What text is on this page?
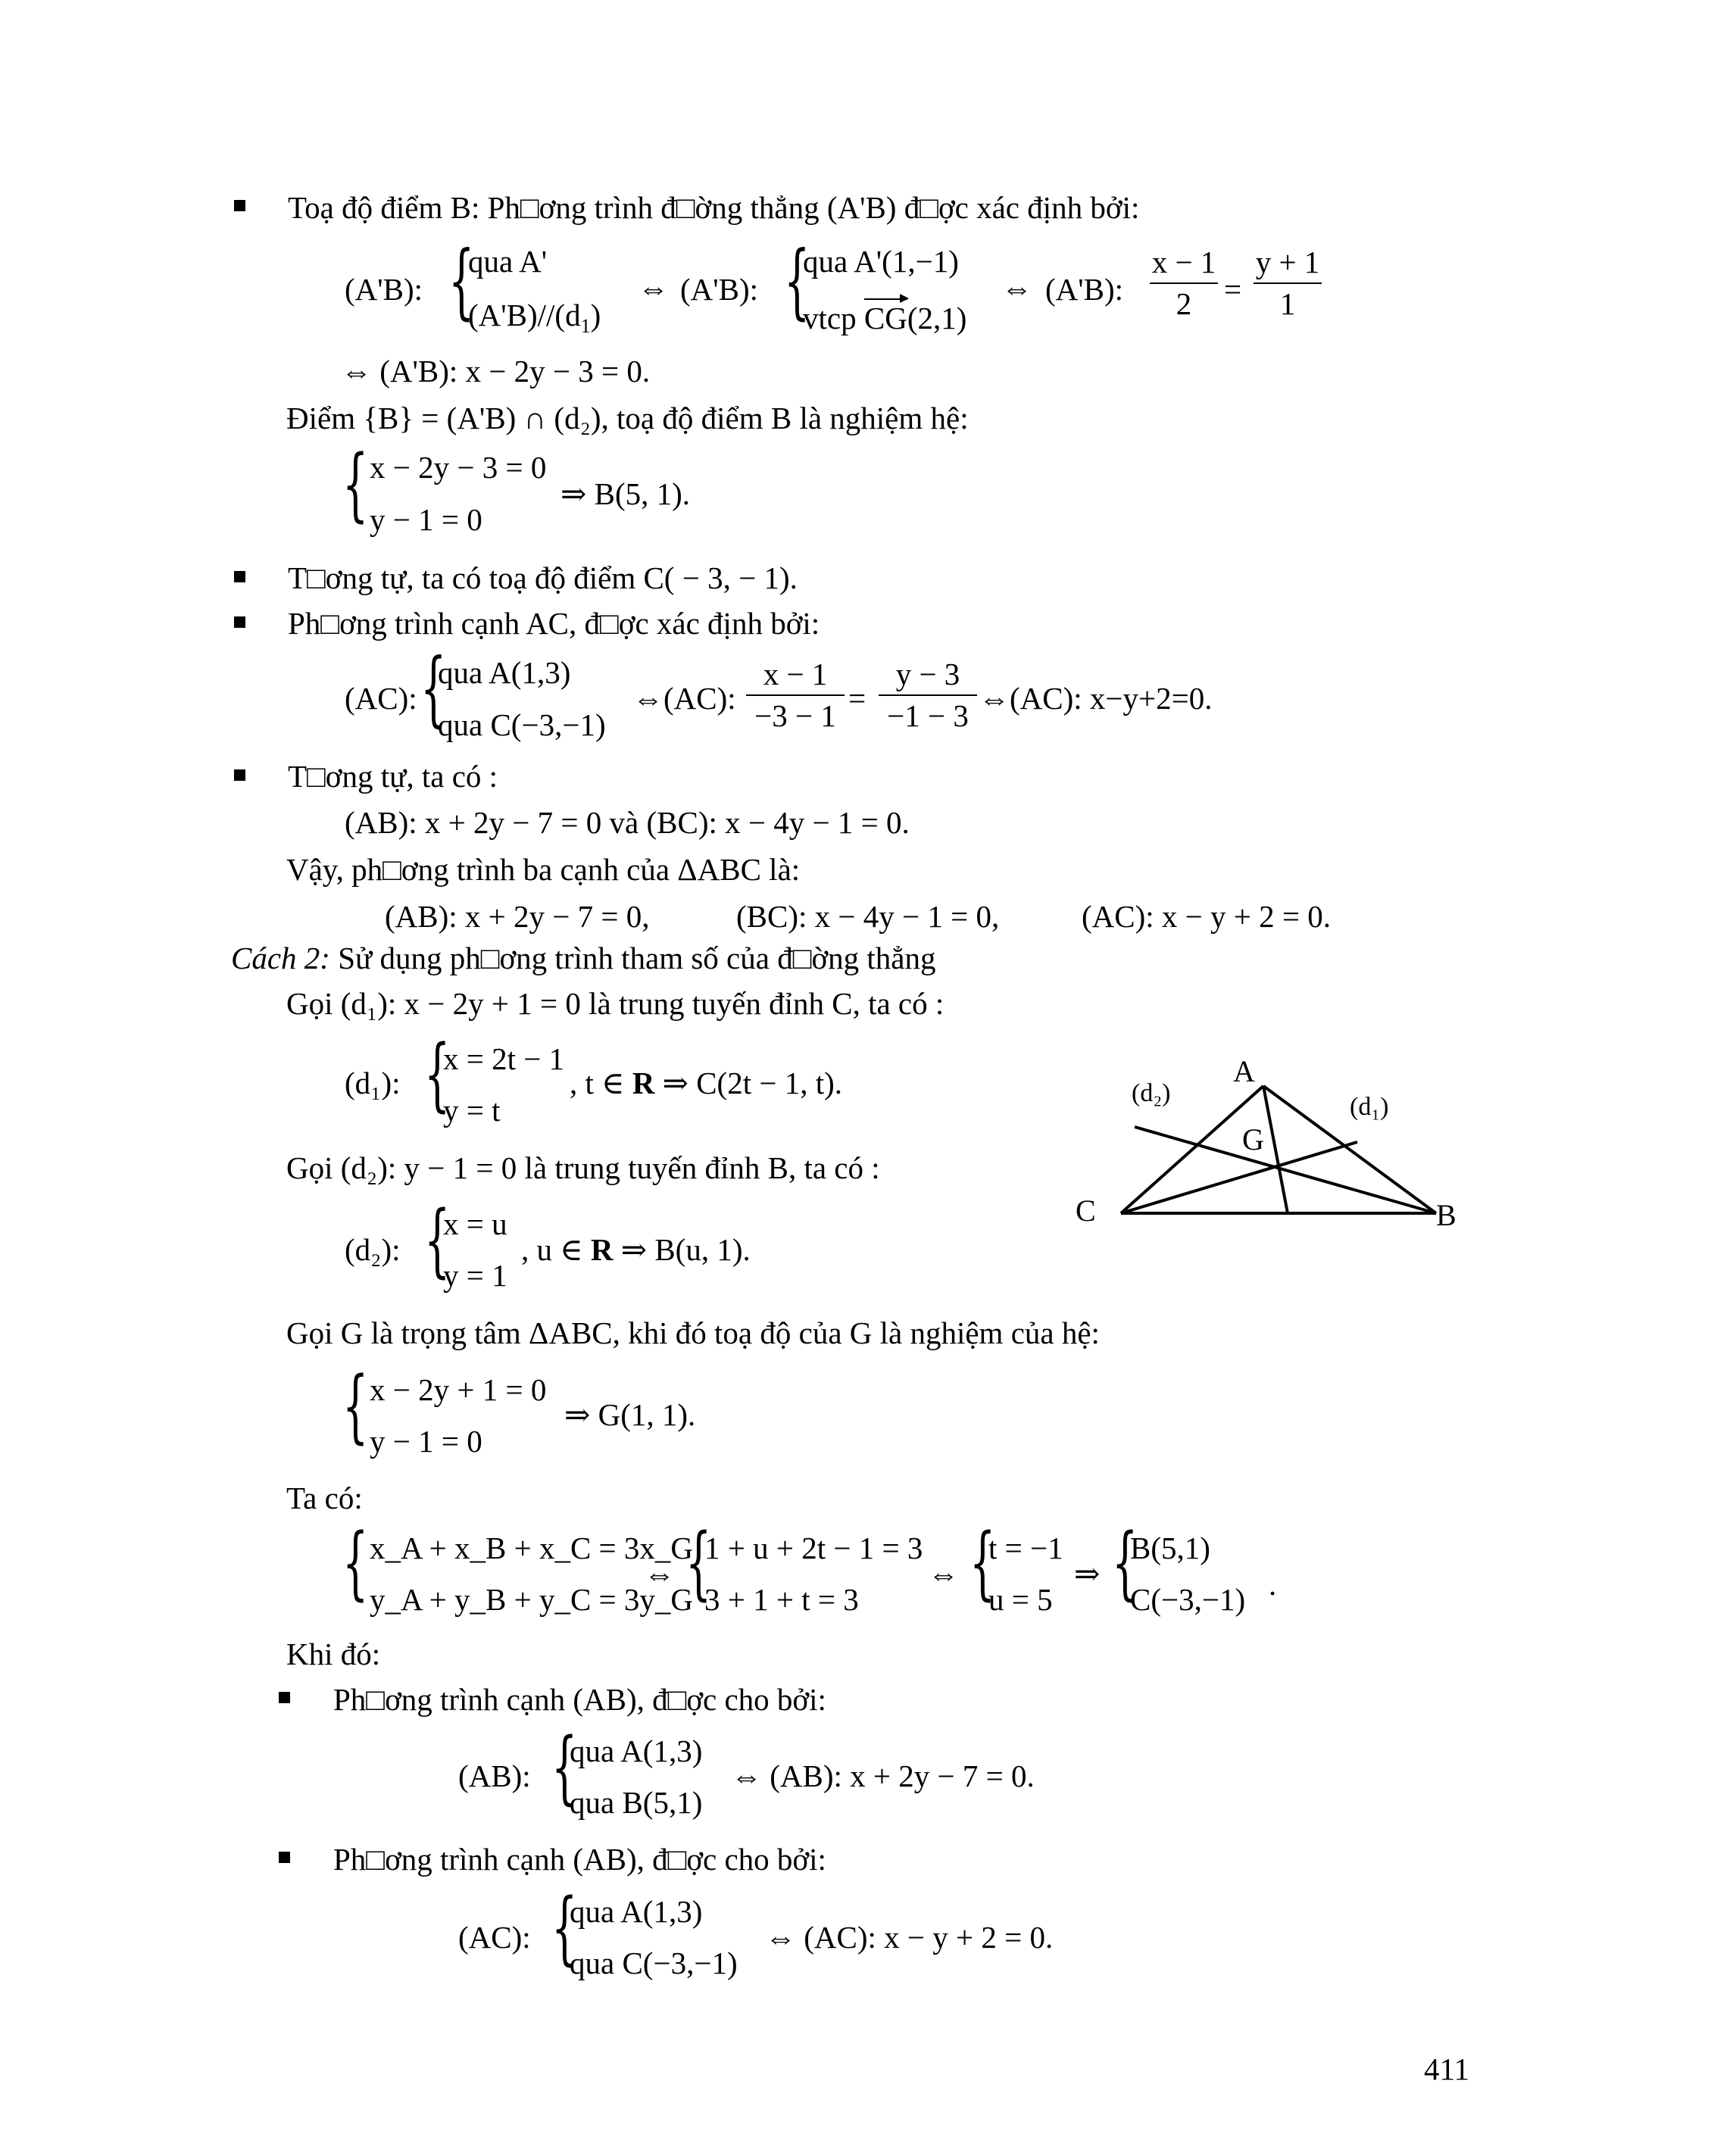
Toạ độ điểm B: Ph□ơng trình đ□ờng thẳng (A'B) đ□ợc xác định bởi:
(A'B): {
qua A'
$(A'B)//(d_1)$
⇔ (A'B): {
qua A'(1,−1)
vtcp CG(2,1)
⇔ (A'B):
x − 1
2	=
y + 1
1
⇔ (A'B): x − 2y − 3 = 0.
Điểm {B} = (A'B) ∩ (d₂), toạ độ điểm B là nghiệm hệ:
{ x − 2y − 3 = 0
y − 1 = 0
⇒ B(5, 1).
T□ơng tự, ta có toạ độ điểm C( − 3, − 1).
Ph□ơng trình cạnh AC, đ□ợc xác định bởi:
(AC): {
qua A(1,3)
qua C(−3,−1)
⇔(AC):
x − 1
−3 − 1 =
y − 3
−1 − 3 ⇔(AC): x−y+2=0.
T□ơng tự, ta có :
(AB): x + 2y − 7 = 0 và (BC): x − 4y − 1 = 0.
Vậy, ph□ơng trình ba cạnh của ΔABC là:
(AB): x + 2y − 7 = 0,	(BC): x − 4y − 1 = 0,	(AC): x − y + 2 = 0.
Cách 2: Sử dụng ph□ơng trình tham số của đ□ờng thẳng
Gọi (d₁): x − 2y + 1 = 0 là trung tuyến đỉnh C, ta có :
(d₁): {
x = 2t − 1
y = t
, t ∈ R ⇒ C(2t − 1, t).
Gọi (d₂): y − 1 = 0 là trung tuyến đỉnh B, ta có :
(d₂): {
x = u
y = 1
, u ∈ R ⇒ B(u, 1).
Gọi G là trọng tâm ΔABC, khi đó toạ độ của G là nghiệm của hệ:
{ x − 2y + 1 = 0
y − 1 = 0
⇒ G(1, 1).
Ta có:
{ x_A + x_B + x_C = 3x_G
y_A + y_B + y_C = 3y_G
⇔ {
1 + u + 2t − 1 = 3
3 + 1 + t = 3
⇔ {
t = −1
u = 5
⇒ {
B(5,1)
C(−3,−1) .
Khi đó:
Ph□ơng trình cạnh (AB), đ□ợc cho bởi:
(AB): {
qua A(1,3)
qua B(5,1)
⇔ (AB): x + 2y − 7 = 0.
Ph□ơng trình cạnh (AB), đ□ợc cho bởi:
(AC): {
qua A(1,3)
qua C(−3,−1)
⇔ (AC): x − y + 2 = 0.
A
B
C
G
(d₁)
(d₂)
411
